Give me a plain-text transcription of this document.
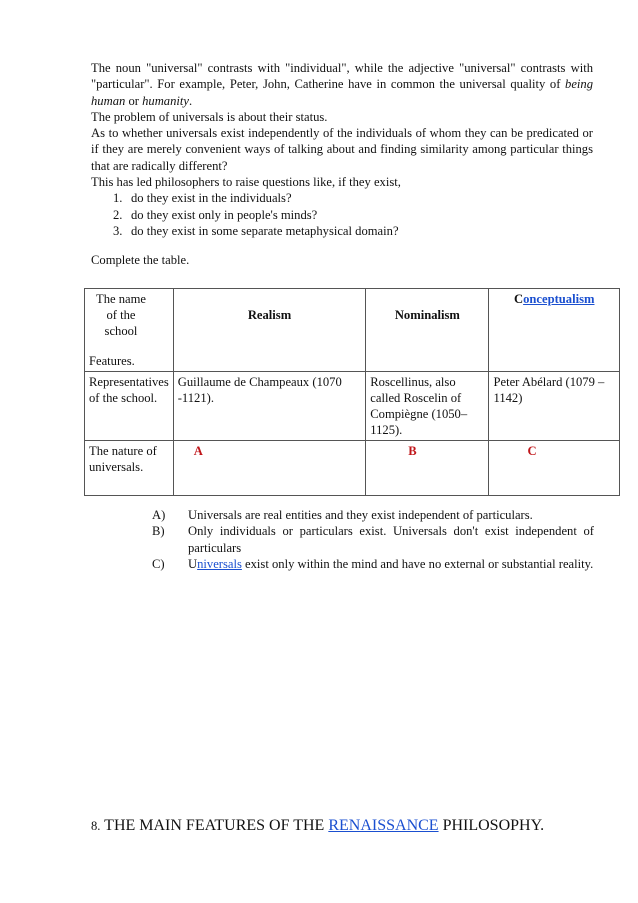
The noun "universal" contrasts with "individual", while the adjective "universal" contrasts with "particular". For example, Peter, John, Catherine have in common the universal quality of being human or humanity.

The problem of universals is about their status.

As to whether universals exist independently of the individuals of whom they can be predicated or if they are merely convenient ways of talking about and finding similarity among particular things that are radically different?

This has led philosophers to raise questions like, if they exist,

1. do they exist in the individuals?
2. do they exist only in people's minds?
3. do they exist in some separate metaphysical domain?
Complete the table.
The name
of the
school
Features.	Realism	Nominalism	Conceptualism
Representatives of the school.	Guillaume de Champeaux (1070 -1121).	Roscellinus, also called Roscelin of Compiègne (1050–1125).	Peter Abélard (1079 –1142)
The nature of universals.	A	B	C
A) Universals are real entities and they exist independent of particulars.
B) Only individuals or particulars exist. Universals don't exist independent of particulars
C) Universals exist only within the mind and have no external or substantial reality.
8. THE MAIN FEATURES OF THE RENAISSANCE PHILOSOPHY.
